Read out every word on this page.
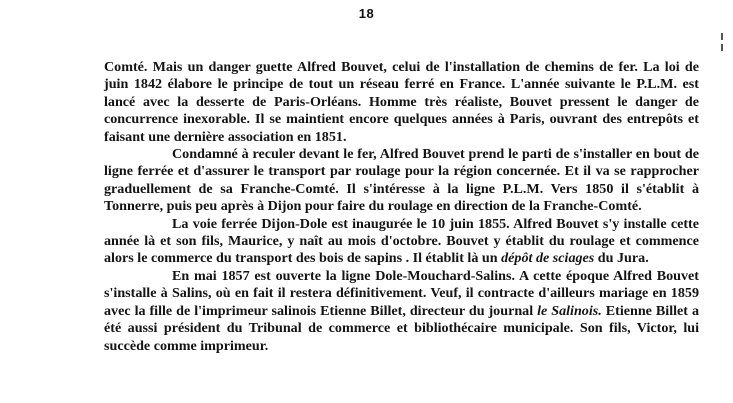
18

Comté. Mais un danger guette Alfred Bouvet, celui de l'installation de chemins de fer. La loi de juin 1842 élabore le principe de tout un réseau ferré en France. L'année suivante le P.L.M. est lancé avec la desserte de Paris-Orléans. Homme très réaliste, Bouvet pressent le danger de concurrence inexorable. Il se maintient encore quelques années à Paris, ouvrant des entrepôts et faisant une dernière association en 1851.

Condamné à reculer devant le fer, Alfred Bouvet prend le parti de s'installer en bout de ligne ferrée et d'assurer le transport par roulage pour la région concernée. Et il va se rapprocher graduellement de sa Franche-Comté. Il s'intéresse à la ligne P.L.M. Vers 1850 il s'établit à Tonnerre, puis peu après à Dijon pour faire du roulage en direction de la Franche-Comté.

La voie ferrée Dijon-Dole est inaugurée le 10 juin 1855. Alfred Bouvet s'y installe cette année là et son fils, Maurice, y naît au mois d'octobre. Bouvet y établit du roulage et commence alors le commerce du transport des bois de sapins . Il établit là un dépôt de sciages du Jura.

En mai 1857 est ouverte la ligne Dole-Mouchard-Salins. A cette époque Alfred Bouvet s'installe à Salins, où en fait il restera définitivement. Veuf, il contracte d'ailleurs mariage en 1859 avec la fille de l'imprimeur salinois Etienne Billet, directeur du journal le Salinois. Etienne Billet a été aussi président du Tribunal de commerce et bibliothécaire municipale. Son fils, Victor, lui succède comme imprimeur.
